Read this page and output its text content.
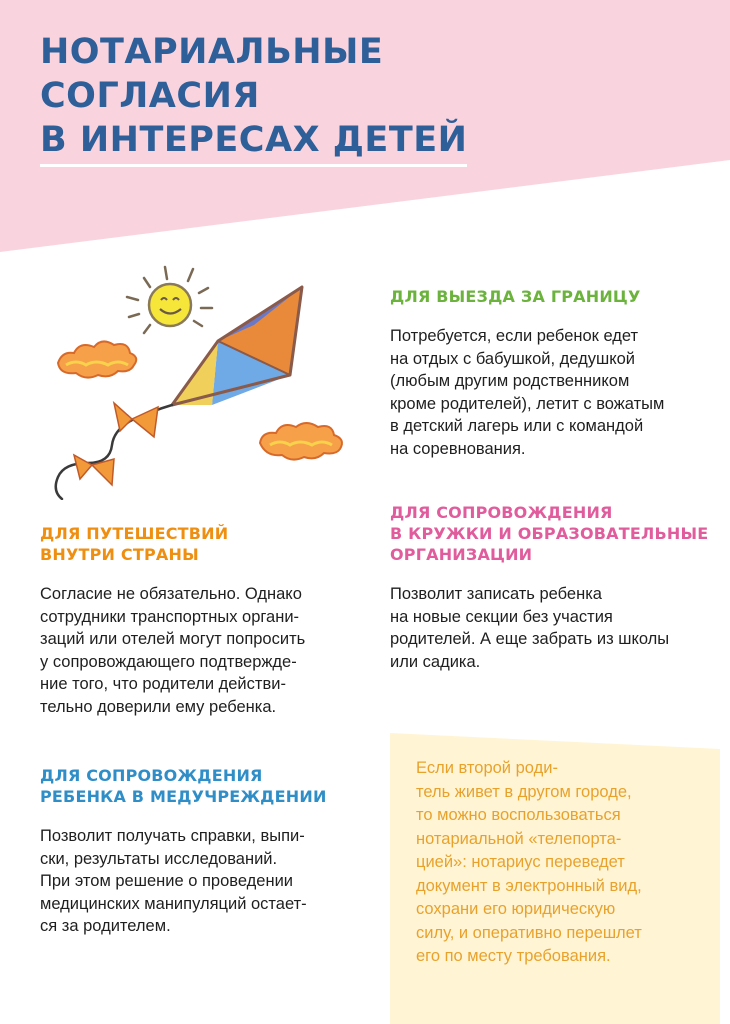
НОТАРИАЛЬНЫЕ
СОГЛАСИЯ
В ИНТЕРЕСАХ ДЕТЕЙ
ДЛЯ ВЫЕЗДА ЗА ГРАНИЦУ

Потребуется, если ребенок едет
на отдых с бабушкой, дедушкой
(любым другим родственником
кроме родителей), летит с вожатым
в детский лагерь или с командой
на соревнования.

ДЛЯ ПУТЕШЕСТВИЙ
ВНУТРИ СТРАНЫ

Согласие не обязательно. Однако
сотрудники транспортных органи-
заций или отелей могут попросить
у сопровождающего подтвержде-
ние того, что родители действи-
тельно доверили ему ребенка.

ДЛЯ СОПРОВОЖДЕНИЯ
В КРУЖКИ И ОБРАЗОВАТЕЛЬНЫЕ
ОРГАНИЗАЦИИ

Позволит записать ребенка
на новые секции без участия
родителей. А еще забрать из школы
или садика.

ДЛЯ СОПРОВОЖДЕНИЯ
РЕБЕНКА В МЕДУЧРЕЖДЕНИИ

Позволит получать справки, выпи-
ски, результаты исследований.
При этом решение о проведении
медицинских манипуляций остает-
ся за родителем.

Если второй роди-
тель живет в другом городе,
то можно воспользоваться
нотариальной «телепорта-
цией»: нотариус переведет
документ в электронный вид,
сохрани его юридическую
силу, и оперативно перешлет
его по месту требования.
